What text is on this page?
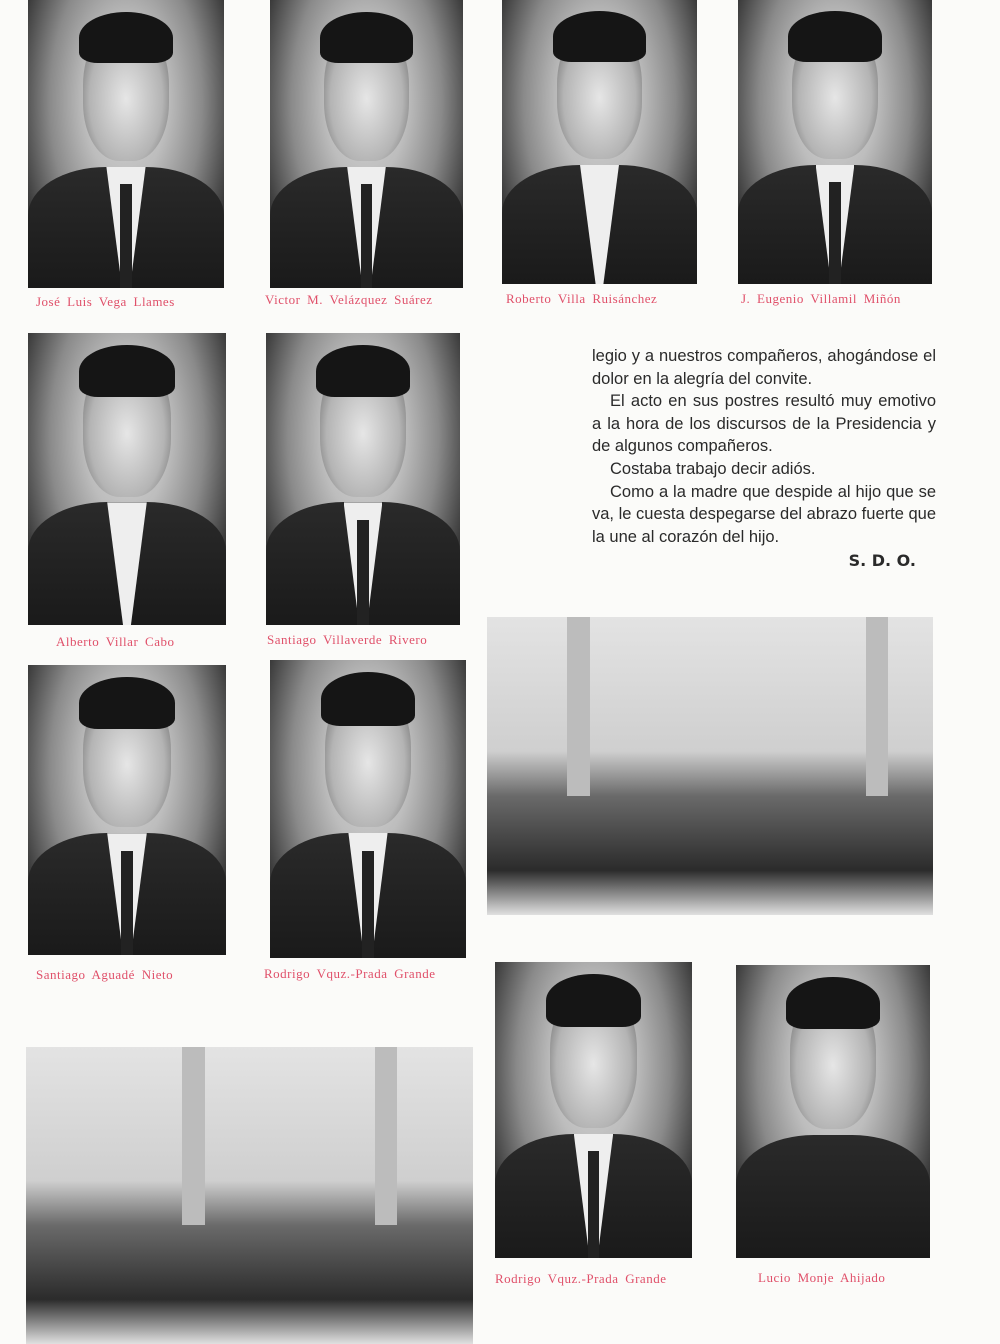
José Luis Vega Llames	Victor M. Velázquez Suárez	Roberto Villa Ruisánchez	J. Eugenio Villamil Miñón
Alberto Villar Cabo	Santiago Villaverde Rivero

legio y a nuestros compañeros, ahogándose el dolor en la alegría del convite.

El acto en sus postres resultó muy emotivo a la hora de los discursos de la Presidencia y de algunos compañeros.

Costaba trabajo decir adiós.

Como a la madre que despide al hijo que se va, le cuesta despegarse del abrazo fuerte que la une al corazón del hijo.

S. D. O.
Santiago Aguadé Nieto	Rodrigo Vquz.-Prada Grande
Rodrigo Vquz.-Prada Grande	Lucio Monje Ahijado
